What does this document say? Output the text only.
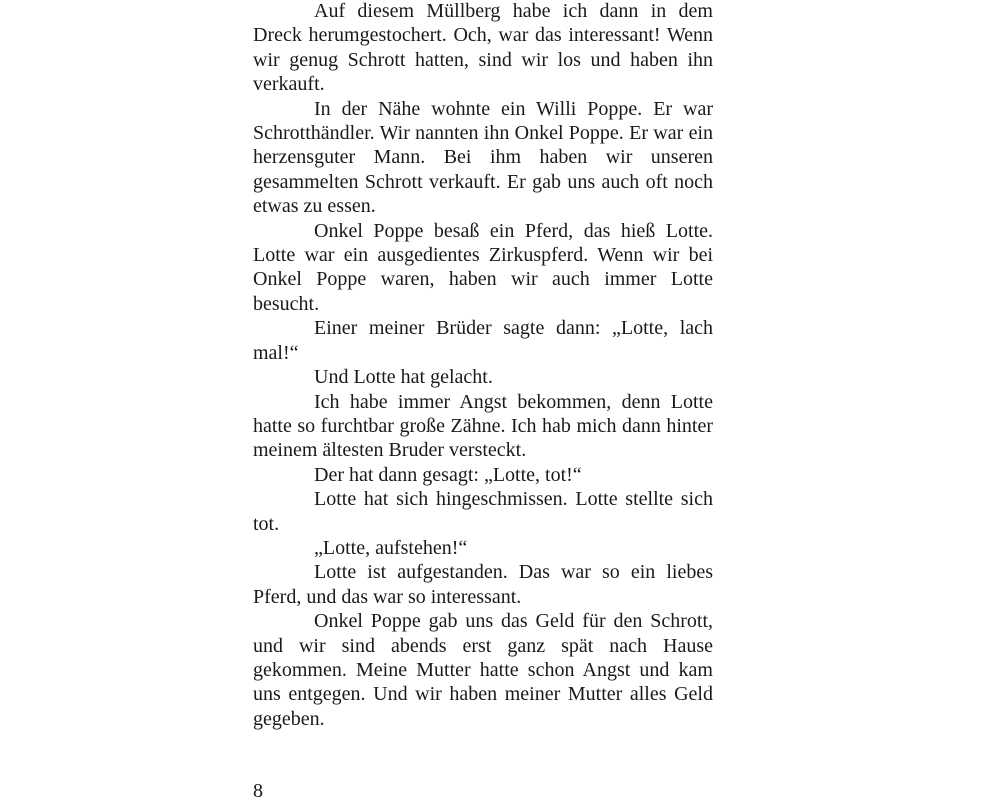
Auf diesem Müllberg habe ich dann in dem Dreck herumgestochert. Och, war das interessant! Wenn wir genug Schrott hatten, sind wir los und haben ihn verkauft.

In der Nähe wohnte ein Willi Poppe. Er war Schrotthändler. Wir nannten ihn Onkel Poppe. Er war ein herzensguter Mann. Bei ihm haben wir unseren gesammelten Schrott verkauft. Er gab uns auch oft noch etwas zu essen.

Onkel Poppe besaß ein Pferd, das hieß Lotte. Lotte war ein ausgedientes Zirkuspferd. Wenn wir bei Onkel Poppe waren, haben wir auch immer Lotte besucht.

Einer meiner Brüder sagte dann: „Lotte, lach mal!“

Und Lotte hat gelacht.

Ich habe immer Angst bekommen, denn Lotte hatte so furchtbar große Zähne. Ich hab mich dann hinter meinem ältesten Bruder versteckt.

Der hat dann gesagt: „Lotte, tot!“

Lotte hat sich hingeschmissen. Lotte stellte sich tot.

„Lotte, aufstehen!“

Lotte ist aufgestanden. Das war so ein liebes Pferd, und das war so interessant.

Onkel Poppe gab uns das Geld für den Schrott, und wir sind abends erst ganz spät nach Hause gekommen. Meine Mutter hatte schon Angst und kam uns entgegen. Und wir haben meiner Mutter alles Geld gegeben.

8
